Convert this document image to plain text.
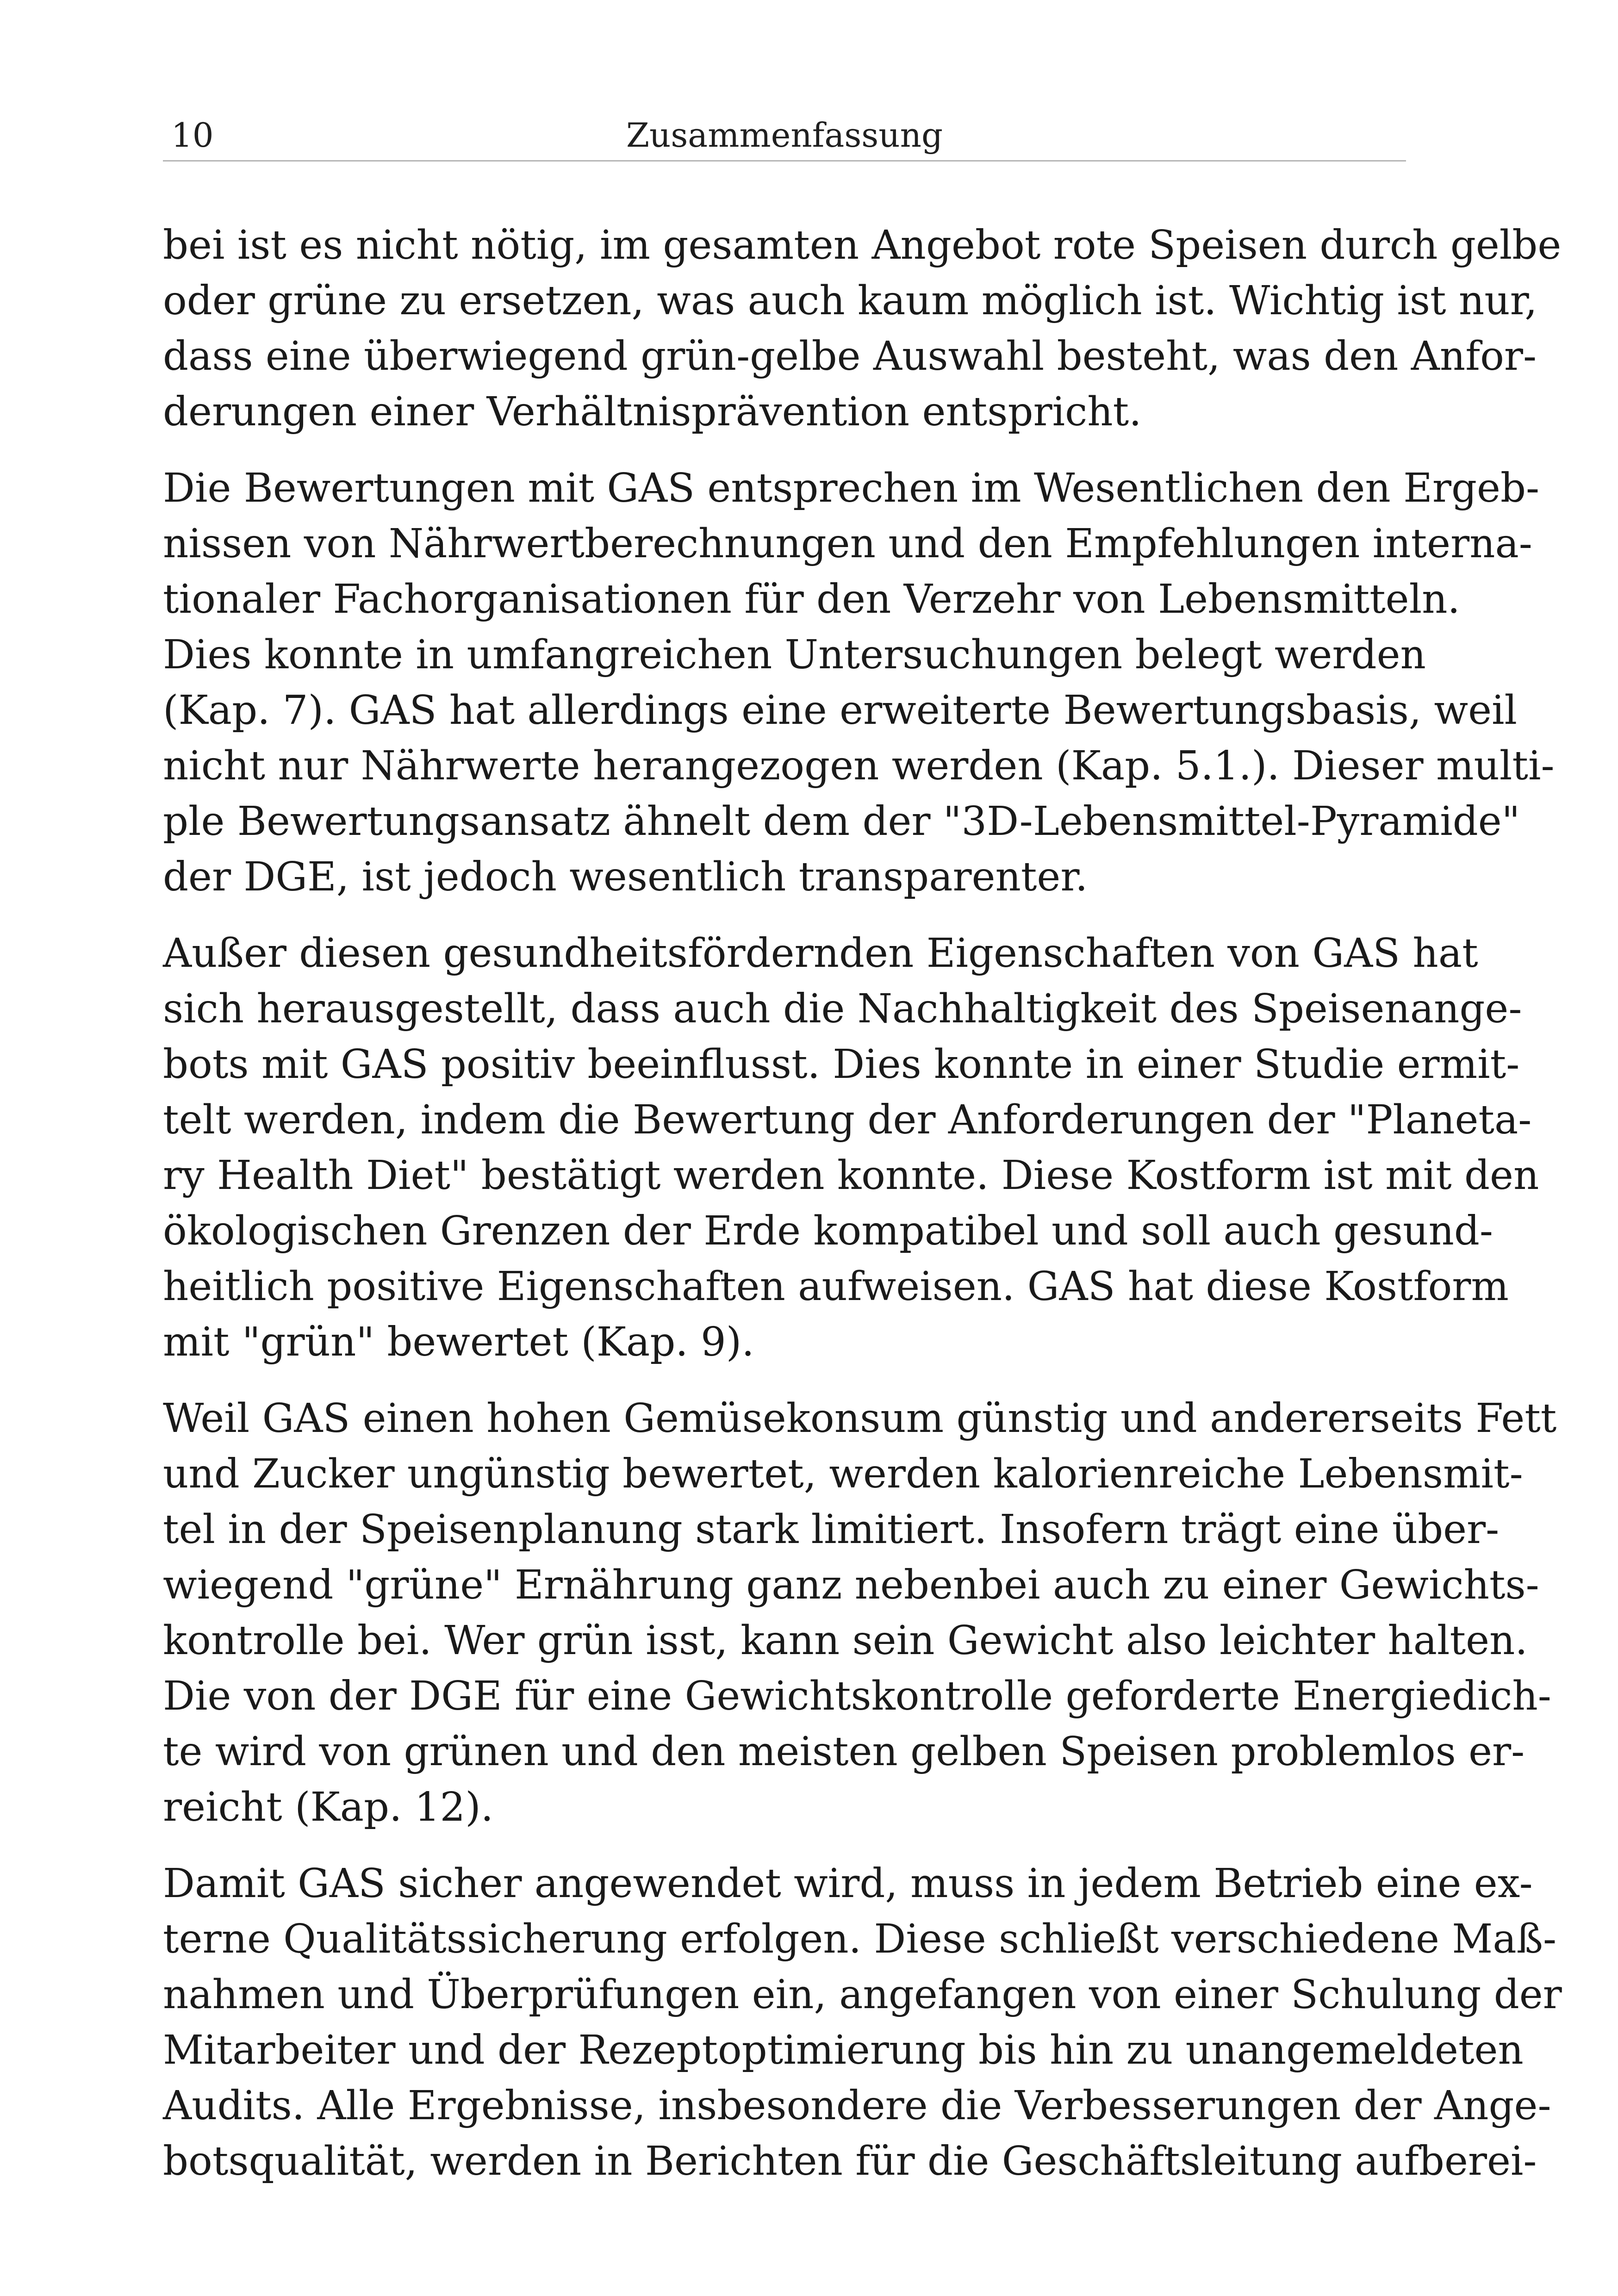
10	Zusammenfassung

bei ist es nicht nötig, im gesamten Angebot rote Speisen durch gelbe
oder grüne zu ersetzen, was auch kaum möglich ist. Wichtig ist nur,
dass eine überwiegend grün-gelbe Auswahl besteht, was den Anfor-
derungen einer Verhältnisprävention entspricht.

Die Bewertungen mit GAS entsprechen im Wesentlichen den Ergeb-
nissen von Nährwertberechnungen und den Empfehlungen interna-
tionaler Fachorganisationen für den Verzehr von Lebensmitteln.
Dies konnte in umfangreichen Untersuchungen belegt werden
(Kap. 7). GAS hat allerdings eine erweiterte Bewertungsbasis, weil
nicht nur Nährwerte herangezogen werden (Kap. 5.1.). Dieser multi-
ple Bewertungsansatz ähnelt dem der "3D-Lebensmittel-Pyramide"
der DGE, ist jedoch wesentlich transparenter.

Außer diesen gesundheitsfördernden Eigenschaften von GAS hat
sich herausgestellt, dass auch die Nachhaltigkeit des Speisenange-
bots mit GAS positiv beeinflusst. Dies konnte in einer Studie ermit-
telt werden, indem die Bewertung der Anforderungen der "Planeta-
ry Health Diet" bestätigt werden konnte. Diese Kostform ist mit den
ökologischen Grenzen der Erde kompatibel und soll auch gesund-
heitlich positive Eigenschaften aufweisen. GAS hat diese Kostform
mit "grün" bewertet (Kap. 9).

Weil GAS einen hohen Gemüsekonsum günstig und andererseits Fett
und Zucker ungünstig bewertet, werden kalorienreiche Lebensmit-
tel in der Speisenplanung stark limitiert. Insofern trägt eine über-
wiegend "grüne" Ernährung ganz nebenbei auch zu einer Gewichts-
kontrolle bei. Wer grün isst, kann sein Gewicht also leichter halten.
Die von der DGE für eine Gewichtskontrolle geforderte Energiedich-
te wird von grünen und den meisten gelben Speisen problemlos er-
reicht (Kap. 12).

Damit GAS sicher angewendet wird, muss in jedem Betrieb eine ex-
terne Qualitätssicherung erfolgen. Diese schließt verschiedene Maß-
nahmen und Überprüfungen ein, angefangen von einer Schulung der
Mitarbeiter und der Rezeptoptimierung bis hin zu unangemeldeten
Audits. Alle Ergebnisse, insbesondere die Verbesserungen der Ange-
botsqualität, werden in Berichten für die Geschäftsleitung aufberei-
